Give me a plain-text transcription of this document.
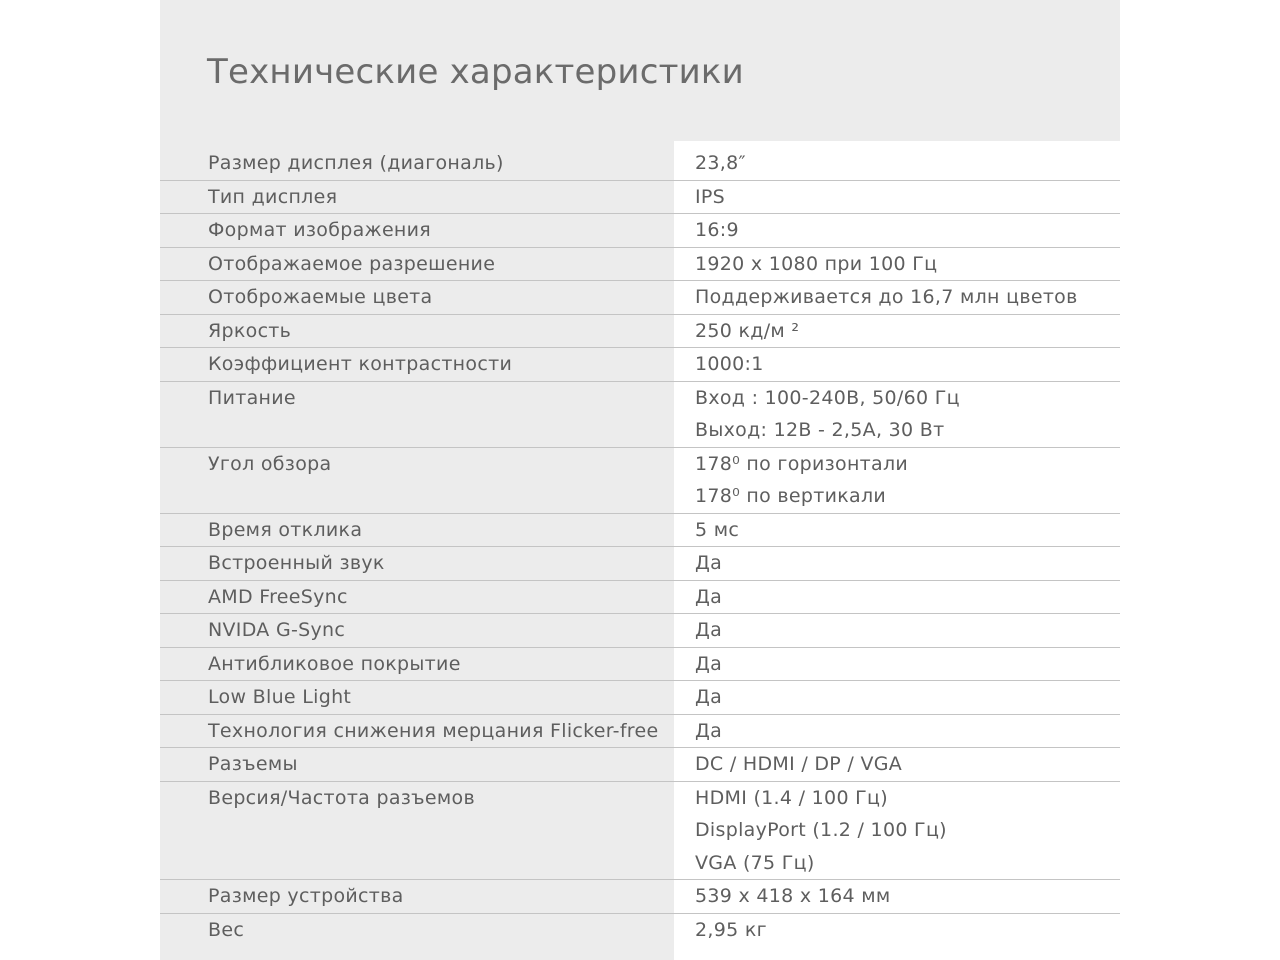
Технические характеристики
Размер дисплея (диагональ)	23,8″
Тип дисплея	IPS
Формат изображения	16:9
Отображаемое разрешение	1920 x 1080 при 100 Гц
Отоброжаемые цвета	Поддерживается до 16,7 млн цветов
Яркость	250 кд/м ²
Коэффициент контрастности	1000:1
Питание	Вход : 100-240В, 50/60 Гц
Выход: 12В - 2,5А, 30 Вт
Угол обзора	178⁰ по горизонтали
178⁰ по вертикали
Время отклика	5 мс
Встроенный звук	Да
AMD FreeSync	Да
NVIDA G-Sync	Да
Антибликовое покрытие	Да
Low Blue Light	Да
Технология снижения мерцания Flicker-free	Да
Разъемы	DC / HDMI / DP / VGA
Версия/Частота разъемов	HDMI (1.4 / 100 Гц)
DisplayPort (1.2 / 100 Гц)
VGA (75 Гц)
Размер устройства	539 x 418 x 164 мм
Вес	2,95 кг
